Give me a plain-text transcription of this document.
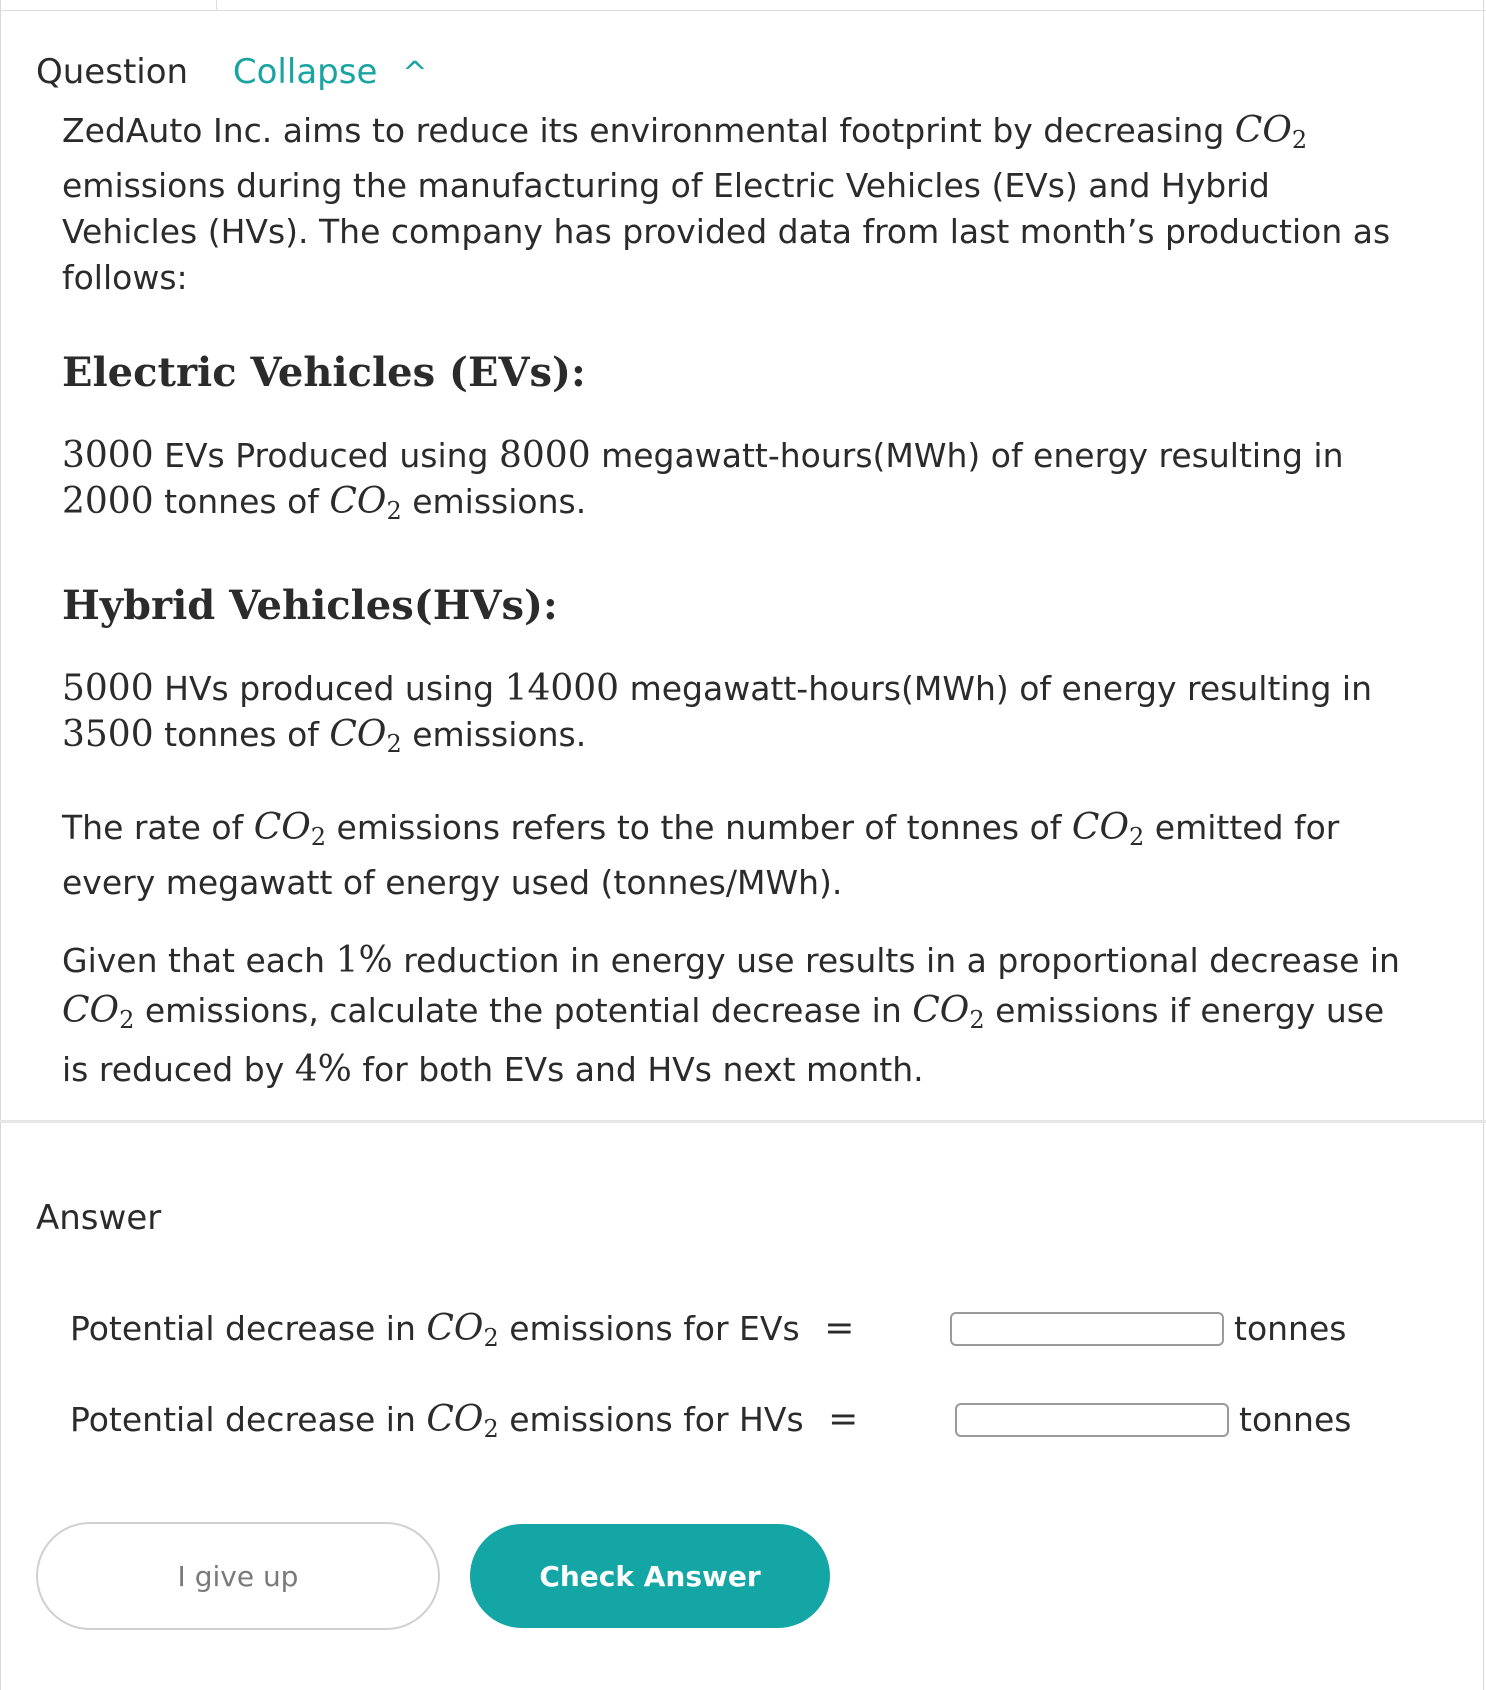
Question Collapse ^

ZedAuto Inc. aims to reduce its environmental footprint by decreasing $CO_2$ emissions during the manufacturing of Electric Vehicles (EVs) and Hybrid Vehicles (HVs). The company has provided data from last month’s production as follows:

Electric Vehicles (EVs):

3000 EVs Produced using 8000 megawatt-hours(MWh) of energy resulting in 2000 tonnes of $CO_2$ emissions.

Hybrid Vehicles(HVs):

5000 HVs produced using 14000 megawatt-hours(MWh) of energy resulting in 3500 tonnes of $CO_2$ emissions.

The rate of $CO_2$ emissions refers to the number of tonnes of $CO_2$ emitted for every megawatt of energy used (tonnes/MWh).

Given that each 1% reduction in energy use results in a proportional decrease in $CO_2$ emissions, calculate the potential decrease in $CO_2$ emissions if energy use is reduced by 4% for both EVs and HVs next month.

Answer
Potential decrease in $CO_2$ emissions for EVs =	tonnes
Potential decrease in $CO_2$ emissions for HVs =	tonnes
I give up	Check Answer
